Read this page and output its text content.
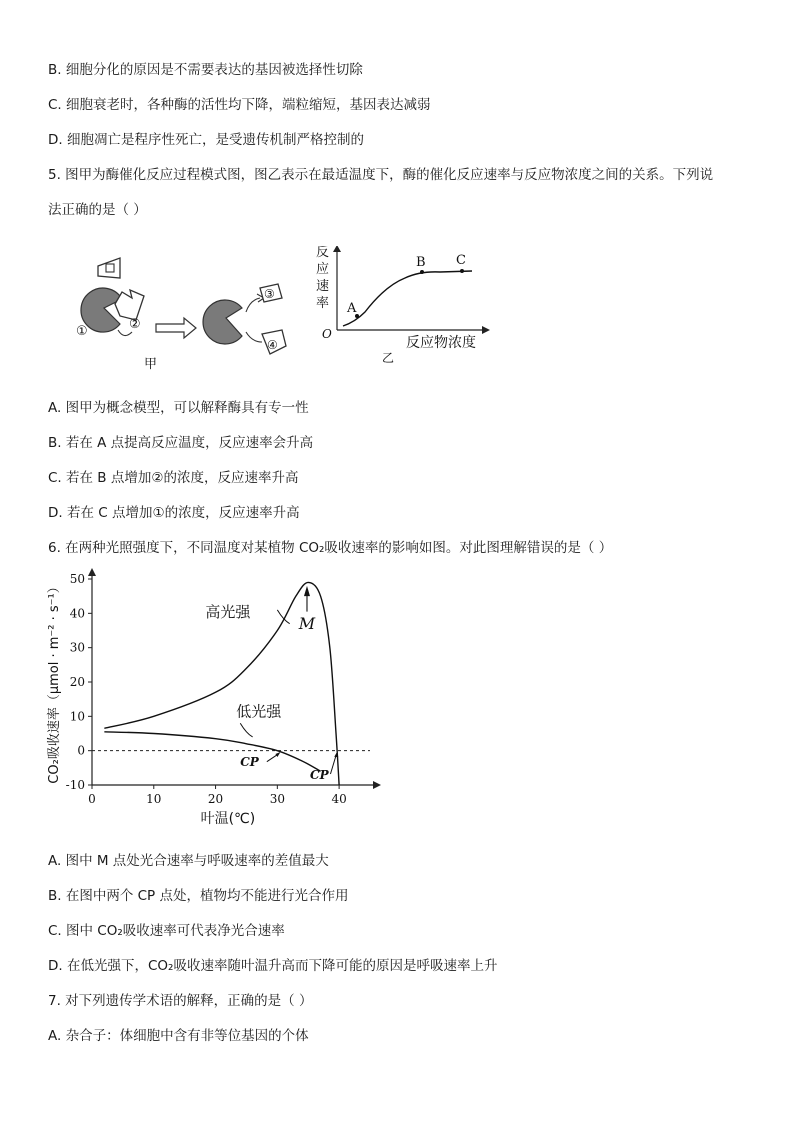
B. 细胞分化的原因是不需要表达的基因被选择性切除
C. 细胞衰老时，各种酶的活性均下降，端粒缩短，基因表达减弱
D. 细胞凋亡是程序性死亡，是受遗传机制严格控制的
5. 图甲为酶催化反应过程模式图，图乙表示在最适温度下，酶的催化反应速率与反应物浓度之间的关系。下列说
法正确的是（ ）
①	②
③
④
甲
反
应
速
率
O
A
B C
反应物浓度
乙
A. 图甲为概念模型，可以解释酶具有专一性
B. 若在 A 点提高反应温度，反应速率会升高
C. 若在 B 点增加②的浓度，反应速率升高
D. 若在 C 点增加①的浓度，反应速率升高
6. 在两种光照强度下，不同温度对某植物 CO₂吸收速率的影响如图。对此图理解错误的是（ ）
-10
0
10
20
30
40
50
0	10	20	30	40
叶温(℃)
CO₂吸收速率（μmol · m⁻² · s⁻¹）	高光强
低光强
M
CP
CP
A. 图中 M 点处光合速率与呼吸速率的差值最大
B. 在图中两个 CP 点处，植物均不能进行光合作用
C. 图中 CO₂吸收速率可代表净光合速率
D. 在低光强下，CO₂吸收速率随叶温升高而下降可能的原因是呼吸速率上升
7. 对下列遗传学术语的解释，正确的是（ ）
A. 杂合子：体细胞中含有非等位基因的个体
